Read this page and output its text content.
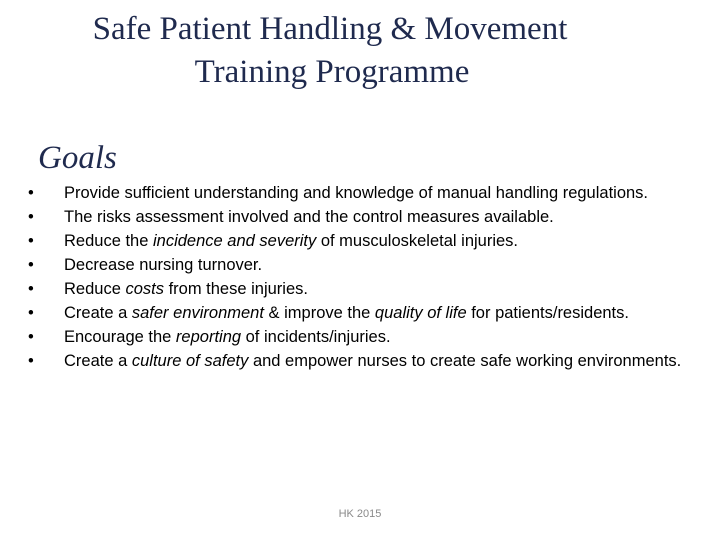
Safe Patient Handling & Movement
Training Programme
Goals
•	Provide sufficient understanding and knowledge of manual handling regulations.
•	The risks assessment involved and the control measures available.
•	Reduce the incidence and severity of musculoskeletal injuries.
•	Decrease nursing turnover.
•	Reduce costs from these injuries.
•	Create a safer environment & improve the quality of life for patients/residents.
•	Encourage the reporting of incidents/injuries.
•	Create a culture of safety and empower nurses to create safe working environments.
HK 2015
